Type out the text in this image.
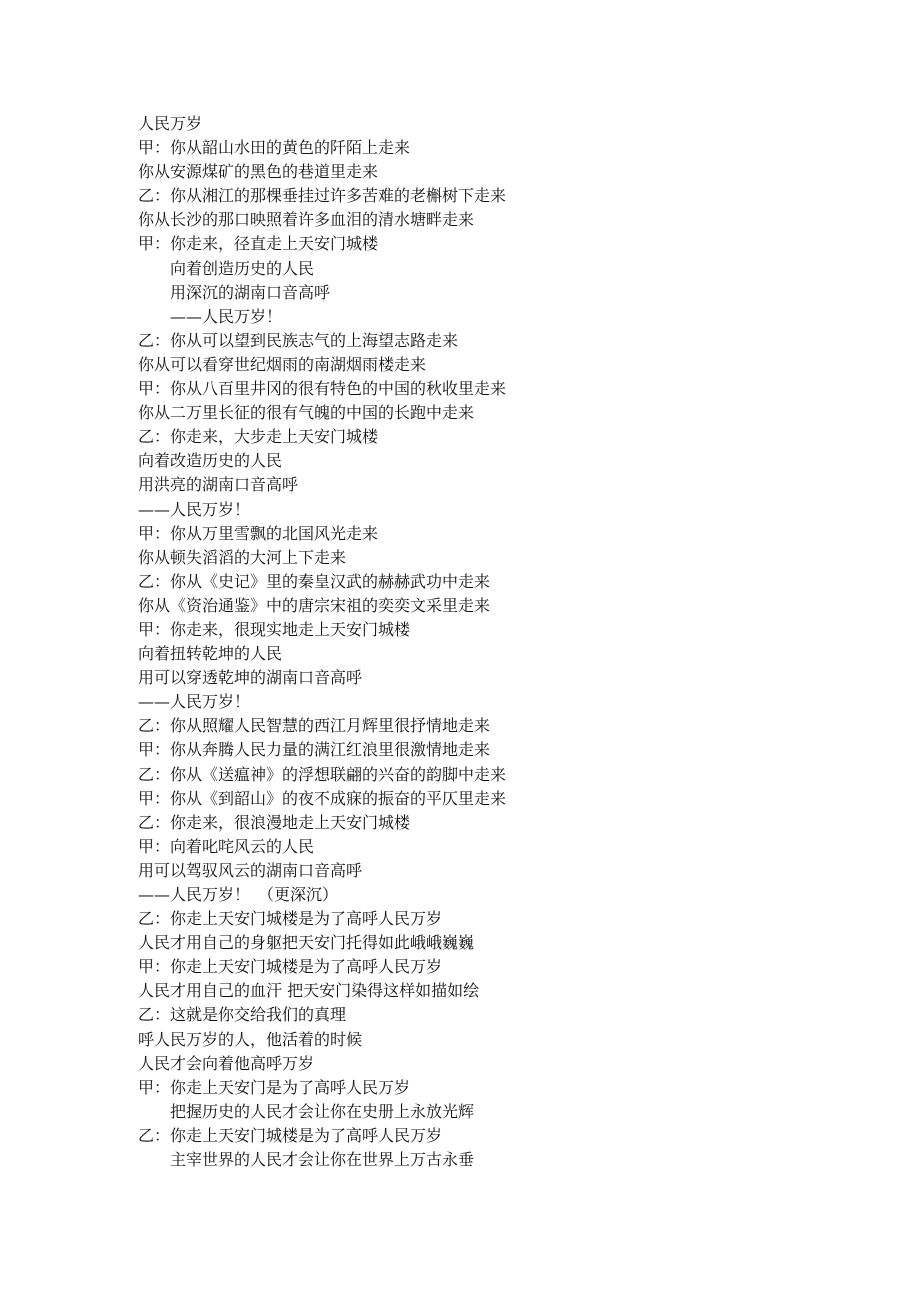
人民万岁
甲：你从韶山水田的黄色的阡陌上走来
你从安源煤矿的黑色的巷道里走来
乙：你从湘江的那棵垂挂过许多苦难的老槲树下走来
你从长沙的那口映照着许多血泪的清水塘畔走来
甲：你走来，径直走上天安门城楼
向着创造历史的人民
用深沉的湖南口音高呼
——人民万岁！
乙：你从可以望到民族志气的上海望志路走来
你从可以看穿世纪烟雨的南湖烟雨楼走来
甲：你从八百里井冈的很有特色的中国的秋收里走来
你从二万里长征的很有气魄的中国的长跑中走来
乙：你走来，大步走上天安门城楼
向着改造历史的人民
用洪亮的湖南口音高呼
——人民万岁！
甲：你从万里雪飘的北国风光走来
你从顿失滔滔的大河上下走来
乙：你从《史记》里的秦皇汉武的赫赫武功中走来
你从《资治通鉴》中的唐宗宋祖的奕奕文采里走来
甲：你走来，很现实地走上天安门城楼
向着扭转乾坤的人民
用可以穿透乾坤的湖南口音高呼
——人民万岁！
乙：你从照耀人民智慧的西江月辉里很抒情地走来
甲：你从奔腾人民力量的满江红浪里很激情地走来
乙：你从《送瘟神》的浮想联翩的兴奋的韵脚中走来
甲：你从《到韶山》的夜不成寐的振奋的平仄里走来
乙：你走来，很浪漫地走上天安门城楼
甲：向着叱咤风云的人民
用可以驾驭风云的湖南口音高呼
——人民万岁！　（更深沉）
乙：你走上天安门城楼是为了高呼人民万岁
人民才用自己的身躯把天安门托得如此峨峨巍巍
甲：你走上天安门城楼是为了高呼人民万岁
人民才用自己的血汗 把天安门染得这样如描如绘
乙：这就是你交给我们的真理
呼人民万岁的人，他活着的时候
人民才会向着他高呼万岁
甲：你走上天安门是为了高呼人民万岁
把握历史的人民才会让你在史册上永放光辉
乙：你走上天安门城楼是为了高呼人民万岁
主宰世界的人民才会让你在世界上万古永垂
